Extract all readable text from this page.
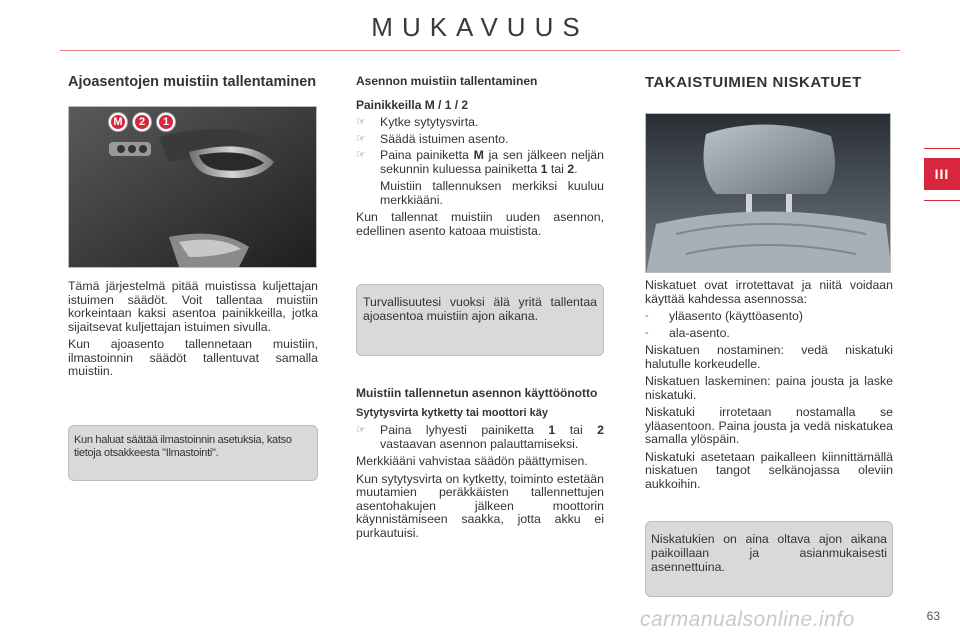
MUKAVUUS
III
Ajoasentojen muistiin tallentaminen
M	2	1

Tämä järjestelmä pitää muistissa kuljettajan istuimen säädöt. Voit tallentaa muistiin korkeintaan kaksi asentoa painikkeilla, jotka sijaitsevat kuljettajan istuimen sivulla.

Kun ajoasento tallennetaan muistiin, ilmastoinnin säädöt tallentuvat samalla muistiin.

Kun haluat säätää ilmastoinnin asetuksia, katso tietoja otsakkeesta "Ilmastointi".

Asennon muistiin tallentaminen
Painikkeilla M / 1 / 2
☞	Kytke sytytysvirta.
☞	Säädä istuimen asento.
☞	Paina painiketta M ja sen jälkeen neljän sekunnin kuluessa painiketta 1 tai 2.

Muistiin tallennuksen merkiksi kuuluu merkkiääni.

Kun tallennat muistiin uuden asennon, edellinen asento katoaa muistista.

Turvallisuutesi vuoksi älä yritä tallentaa ajoasentoa muistiin ajon aikana.

Muistiin tallennetun asennon käyttöönotto
Sytytysvirta kytketty tai moottori käy
☞	Paina lyhyesti painiketta 1 tai 2 vastaavan asennon palauttamiseksi.

Merkkiääni vahvistaa säädön päättymisen.

Kun sytytysvirta on kytketty, toiminto estetään muutamien peräkkäisten tallennettujen asentohakujen jälkeen moottorin käynnistämiseen saakka, jotta akku ei purkautuisi.

TAKAISTUIMIEN NISKATUET

Niskatuet ovat irrotettavat ja niitä voidaan käyttää kahdessa asennossa:

-	yläasento (käyttöasento)
-	ala-asento.

Niskatuen nostaminen: vedä niskatuki halutulle korkeudelle.

Niskatuen laskeminen: paina jousta ja laske niskatuki.

Niskatuki irrotetaan nostamalla se yläasentoon. Paina jousta ja vedä niskatukea samalla ylöspäin.

Niskatuki asetetaan paikalleen kiinnittämällä niskatuen tangot selkänojassa oleviin aukkoihin.

Niskatukien on aina oltava ajon aikana paikoillaan ja asianmukaisesti asennettuina.

carmanualsonline.info	63
